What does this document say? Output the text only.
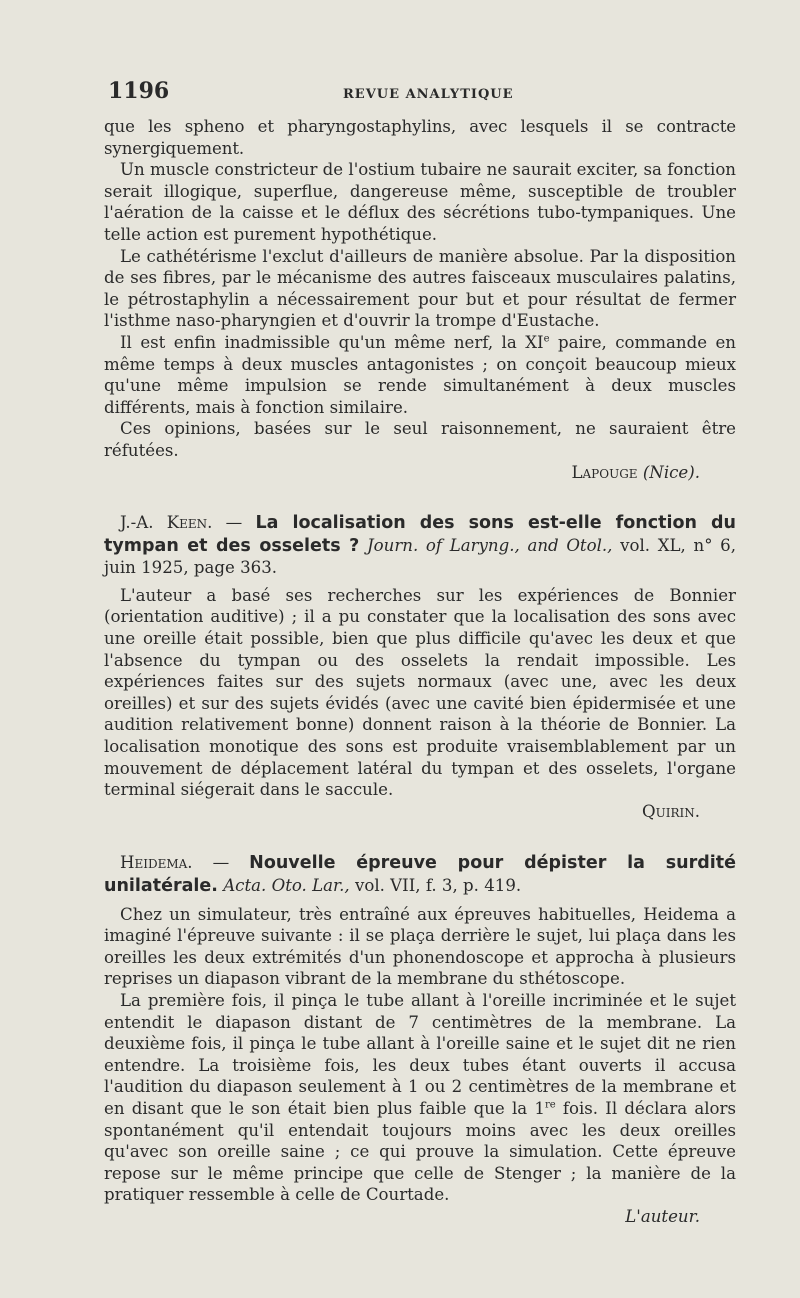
1196	REVUE ANALYTIQUE

que les spheno et pharyngostaphylins, avec lesquels il se contracte synergiquement.

Un muscle constricteur de l'ostium tubaire ne saurait exciter, sa fonction serait illogique, superflue, dangereuse même, susceptible de troubler l'aération de la caisse et le déflux des sécrétions tubo-tympaniques. Une telle action est purement hypothétique.

Le cathétérisme l'exclut d'ailleurs de manière absolue. Par la disposition de ses fibres, par le mécanisme des autres faisceaux musculaires palatins, le pétrostaphylin a nécessairement pour but et pour résultat de fermer l'isthme naso-pharyngien et d'ouvrir la trompe d'Eustache.

Il est enfin inadmissible qu'un même nerf, la XIe paire, commande en même temps à deux muscles antagonistes ; on conçoit beaucoup mieux qu'une même impulsion se rende simultanément à deux muscles différents, mais à fonction similaire.

Ces opinions, basées sur le seul raisonnement, ne sauraient être réfutées.

Lapouge (Nice).

J.-A. Keen. — La localisation des sons est-elle fonction du tympan et des osselets ? Journ. of Laryng., and Otol., vol. XL, n° 6, juin 1925, page 363.

L'auteur a basé ses recherches sur les expériences de Bonnier (orientation auditive) ; il a pu constater que la localisation des sons avec une oreille était possible, bien que plus difficile qu'avec les deux et que l'absence du tympan ou des osselets la rendait impossible. Les expériences faites sur des sujets normaux (avec une, avec les deux oreilles) et sur des sujets évidés (avec une cavité bien épidermisée et une audition relativement bonne) donnent raison à la théorie de Bonnier. La localisation monotique des sons est produite vraisemblablement par un mouvement de déplacement latéral du tympan et des osselets, l'organe terminal siégerait dans le saccule.

Quirin.

Heidema. — Nouvelle épreuve pour dépister la surdité unilatérale. Acta. Oto. Lar., vol. VII, f. 3, p. 419.

Chez un simulateur, très entraîné aux épreuves habituelles, Heidema a imaginé l'épreuve suivante : il se plaça derrière le sujet, lui plaça dans les oreilles les deux extrémités d'un phonendoscope et approcha à plusieurs reprises un diapason vibrant de la membrane du sthétoscope.

La première fois, il pinça le tube allant à l'oreille incriminée et le sujet entendit le diapason distant de 7 centimètres de la membrane. La deuxième fois, il pinça le tube allant à l'oreille saine et le sujet dit ne rien entendre. La troisième fois, les deux tubes étant ouverts il accusa l'audition du diapason seulement à 1 ou 2 centimètres de la membrane et en disant que le son était bien plus faible que la 1re fois. Il déclara alors spontanément qu'il entendait toujours moins avec les deux oreilles qu'avec son oreille saine ; ce qui prouve la simulation. Cette épreuve repose sur le même principe que celle de Stenger ; la manière de la pratiquer ressemble à celle de Courtade.

L'auteur.
